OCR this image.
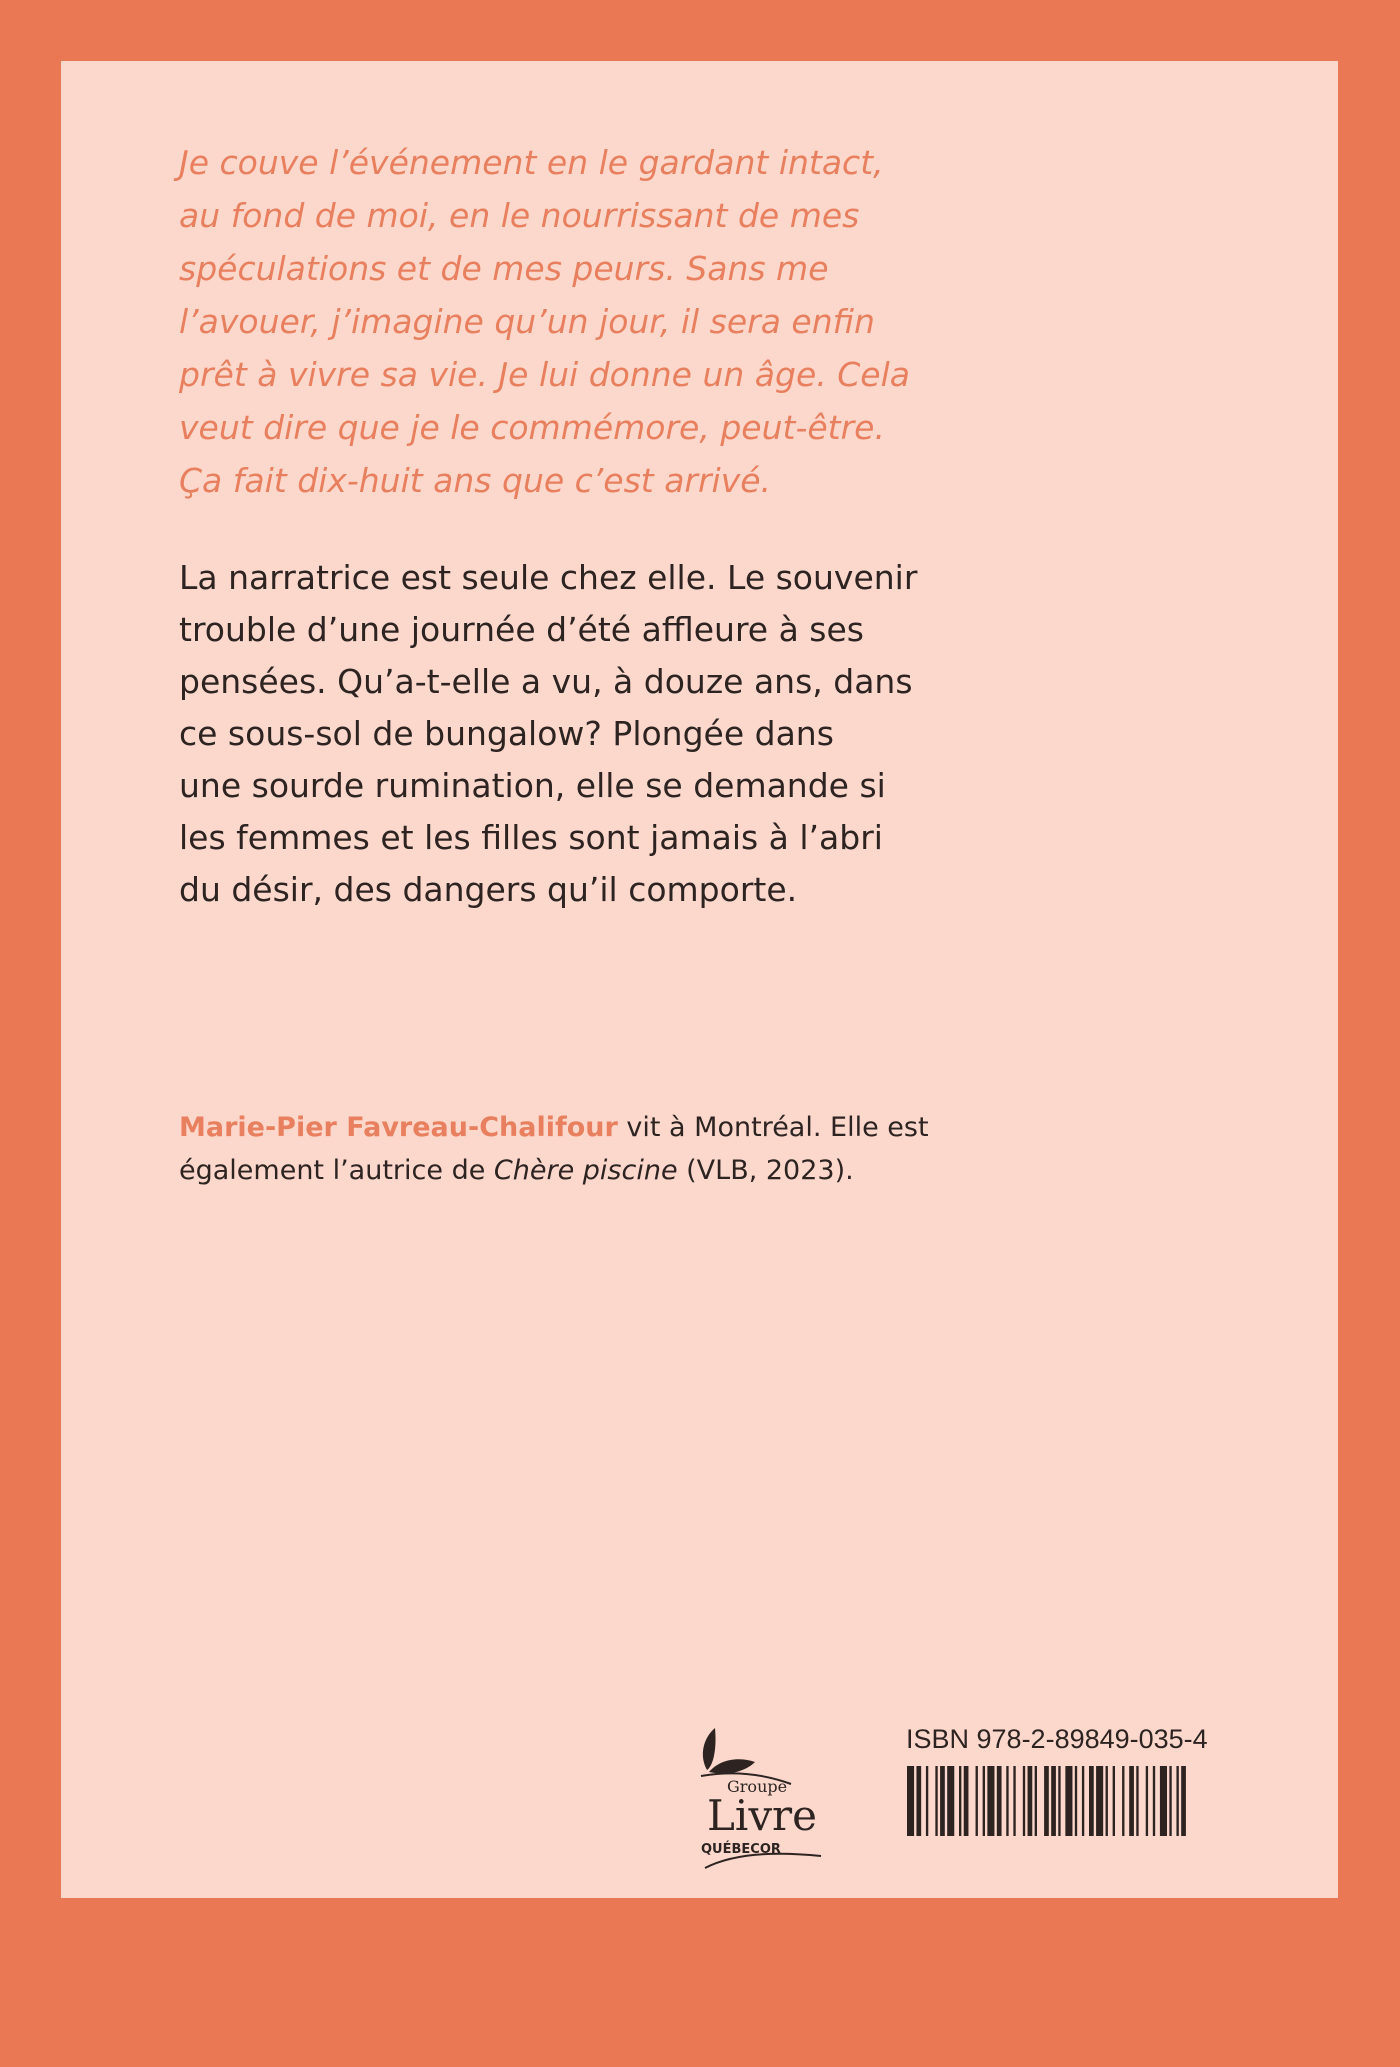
Je couve l’événement en le gardant intact,
au fond de moi, en le nourrissant de mes
spéculations et de mes peurs. Sans me
l’avouer, j’imagine qu’un jour, il sera enfin
prêt à vivre sa vie. Je lui donne un âge. Cela
veut dire que je le commémore, peut-être.
Ça fait dix-huit ans que c’est arrivé.

La narratrice est seule chez elle. Le souvenir
trouble d’une journée d’été affleure à ses
pensées. Qu’a-t-elle a vu, à douze ans, dans
ce sous-sol de bungalow? Plongée dans
une sourde rumination, elle se demande si
les femmes et les filles sont jamais à l’abri
du désir, des dangers qu’il comporte.

Marie-Pier Favreau-Chalifour vit à Montréal. Elle est
également l’autrice de Chère piscine (VLB, 2023).

Groupe
Livre
QUÉBECOR

ISBN 978-2-89849-035-4
